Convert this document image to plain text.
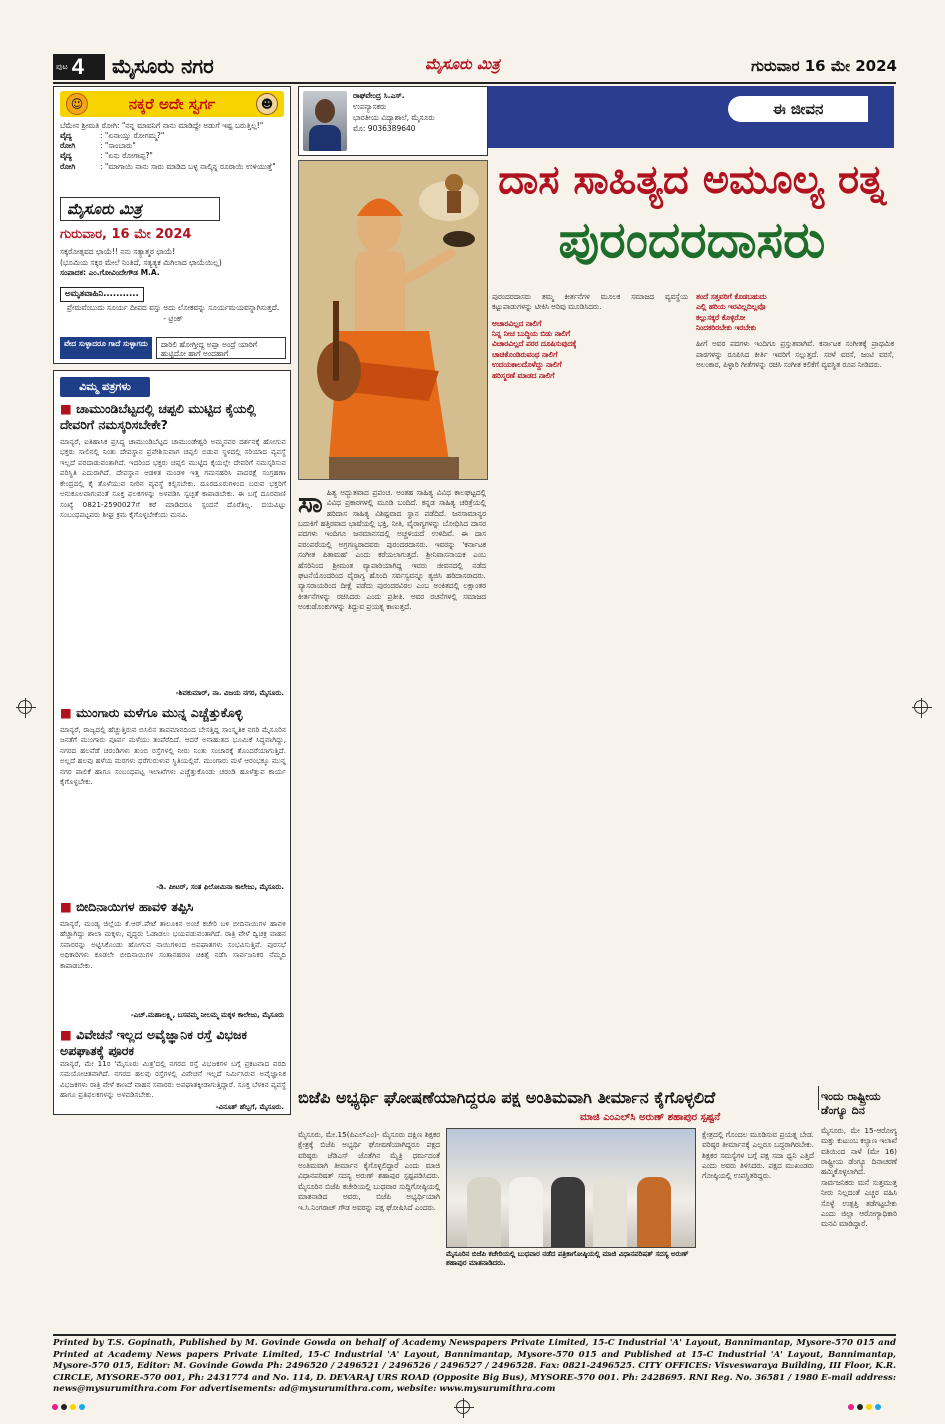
ಪುಟ 4 ಮೈಸೂರು ನಗರ	ಮೈಸೂರು ಮಿತ್ರ	ಗುರುವಾರ 16 ಮೇ 2024
☺	ನಕ್ಕರೆ ಅದೇ ಸ್ವರ್ಗ	☻
ಬೆಮೇನ ಶ್ರೀಮತಿ ರೋಗಿ: "ನನ್ನ ಮಾವನಿಗೆ ನಾನು ಮಾಡಿದ್ದೇ ಅಡುಗೆ ಇಷ್ಟ ಬರುತ್ತಿಲ್ಲ!"
ವೈದ್ಯ	: "ಏನಾಯ್ತು ರೋಗಮ್ಮ?"
ರೋಗಿ	: "ಸಾಂಬಾರು"
ವೈದ್ಯ	: "ಏನು ರೋಗಾಪ್ಪ?"
ರೋಗಿ	: "ಮಾಗಾಯಿ ನಾನು ಸಾರು ಮಾಡಿದ ಬಳ್ಳ ನಾಲ್ಕಿನ್ನ ರೂರಾಯಿ ಉಳಿಯುತ್ತೆ"
ಮೈಸೂರು ಮಿತ್ರ
ಗುರುವಾರ, 16 ಮೇ 2024
ಸಕ್ಕರೋತ್ಸವದ ಛಾಯೆ!! ನನು ಸತ್ಯಾತ್ಮರ ಛಾಯೆ!
(ಭೂಮಿಯ ಸಕ್ಕರ ಮೇಲೆ ನಿಂತಿದೆ, ಸತ್ಯತ್ಯಕ ಮಿಗಿಲಾದ ಛಾಯೆಯಿಲ್ಲ)
ಸಂಪಾದಕ: ಎಂ.ಗೋವಿಂದೇಗೌಡ M.A.
ಅಮೃತವಾಹಿನಿ...........
ಪ್ರೇಮವೆಂಬುದು ಸೂರ್ಯ ದೀಪದ ವಸ್ತು ಅದು ಲೋಕವನ್ನು ಸೂರ್ಯಮಯವನ್ನಾಗಿಸುತ್ತದೆ. - ಟ್ರಿಂಕ್
ವೇದ ಸುಳ್ಳಾದರೂ ಗಾದೆ ಸುಳ್ಳಾಗದು	ದಾರಿಲಿ ಹೋಗ್ತೀದ್ದ ಅಪ್ಪಾ ಅಂದ್ರೆ ಯಾರಿಗೆ ಹುಟ್ಟಿದೋ ಹಾಗೆ ಅಂದಹಾಗೆ
ವಿಮ್ಮ ಪತ್ರಗಳು
■ ಚಾಮುಂಡಿಬೆಟ್ಟದಲ್ಲಿ ಚಪ್ಪಲಿ ಮುಟ್ಟಿದ ಕೈಯಲ್ಲಿ ದೇವರಿಗೆ ನಮಸ್ಕರಿಸಬೇಕೇ?
ಮಾನ್ಯರೆ, ಐತಿಹಾಸಿಕ ಪ್ರಸಿದ್ಧ ಚಾಮುಂಡಿಬೆಟ್ಟದ ಚಾಮುಂಡೇಶ್ವರಿ ಅಮ್ಮನವರ ದರ್ಶನಕ್ಕೆ ಹೋಗುವ ಭಕ್ತರು ಸಾಲಿನಲ್ಲಿ ನಿಂತು ದೇವಸ್ಥಾನ ಪ್ರವೇಶಿಸುವಾಗ ಚಪ್ಪಲಿ ಬಿಡುವ ಸ್ಥಳದಲ್ಲಿ ಸರಿಯಾದ ವ್ಯವಸ್ಥೆ ಇಲ್ಲದೆ ಪರದಾಡುವಂತಾಗಿದೆ. ಇದರಿಂದ ಭಕ್ತರು ಚಪ್ಪಲಿ ಮುಟ್ಟಿದ ಕೈಯಲ್ಲೇ ದೇವರಿಗೆ ನಮಸ್ಕರಿಸುವ ಪರಿಸ್ಥಿತಿ ಎದುರಾಗಿದೆ. ದೇವಸ್ಥಾನ ಆಡಳಿತ ಮಂಡಳಿ ಇತ್ತ ಗಮನಹರಿಸಿ ಪಾದರಕ್ಷೆ ಸಂಗ್ರಹಣಾ ಕೇಂದ್ರದಲ್ಲಿ ಕೈ ತೊಳೆಯುವ ನೀರಿನ ವ್ಯವಸ್ಥೆ ಕಲ್ಪಿಸಬೇಕು. ದೂರದೂರುಗಳಿಂದ ಬರುವ ಭಕ್ತರಿಗೆ ಅನುಕೂಲವಾಗುವಂತೆ ಸೂಕ್ತ ಫಲಕಗಳನ್ನು ಅಳವಡಿಸಿ ಸ್ವಚ್ಛತೆ ಕಾಪಾಡಬೇಕು. ಈ ಬಗ್ಗೆ ದೂರವಾಣಿ ಸಂಖ್ಯೆ 0821-2590027ಗೆ ಕರೆ ಮಾಡಿದರೂ ಸ್ಪಂದನೆ ದೊರೆತಿಲ್ಲ. ದಯವಿಟ್ಟು ಸಂಬಂಧಪಟ್ಟವರು ಶೀಘ್ರ ಕ್ರಮ ಕೈಗೊಳ್ಳಬೇಕೆಂದು ಮನವಿ.
-ಶಿವಕುಮಾರ್, ನಾ. ವಿಜಯ ನಗರ, ಮೈಸೂರು.
■ ಮುಂಗಾರು ಮಳೆಗೂ ಮುನ್ನ ಎಚ್ಚೆತ್ತುಕೊಳ್ಳಿ
ಮಾನ್ಯರೆ, ರಾಜ್ಯದಲ್ಲಿ ಹೆಚ್ಚುತ್ತಿರುವ ಬಿಸಿಲಿನ ತಾಪಮಾನದಿಂದ ಬೇಸತ್ತಿದ್ದ ಸಾಂಸ್ಕೃತಿಕ ನಗರಿ ಮೈಸೂರಿನ ಜನತೆಗೆ ಮುಂಗಾರು ಪೂರ್ವ ಮಳೆಯು ತಂಪೆರೆದಿದೆ. ಆದರೆ ಅನಾಹುತದ ಭೂಮಿಕೆ ಸಿದ್ಧವಾಗಿದ್ದು, ನಗರದ ಹಲವೆಡೆ ಚರಂಡಿಗಳು ತುಂಬಿ ರಸ್ತೆಗಳಲ್ಲಿ ನೀರು ನಿಂತು ಸಂಚಾರಕ್ಕೆ ತೊಂದರೆಯಾಗುತ್ತಿದೆ. ಅಲ್ಲದೆ ಹಲವು ಹಳೆಯ ಮರಗಳು ಧರೆಗುರುಳುವ ಸ್ಥಿತಿಯಲ್ಲಿವೆ. ಮುಂಗಾರು ಮಳೆ ಆರಂಭಕ್ಕೂ ಮುನ್ನ ನಗರ ಪಾಲಿಕೆ ಹಾಗೂ ಸಂಬಂಧಪಟ್ಟ ಇಲಾಖೆಗಳು ಎಚ್ಚೆತ್ತುಕೊಂಡು ಚರಂಡಿ ಹೂಳೆತ್ತುವ ಕಾರ್ಯ ಕೈಗೊಳ್ಳಬೇಕು.
-ಡಿ. ಪೀಟರ್, ಸಂತ ಫಿಲೋಮಿನಾ ಕಾಲೇಜು, ಮೈಸೂರು.
■ ಬೀದಿನಾಯಿಗಳ ಹಾವಳಿ ತಪ್ಪಿಸಿ
ಮಾನ್ಯರೆ, ಮಂಡ್ಯ ಜಿಲ್ಲೆಯ ಕೆ.ಆರ್.ಪೇಟೆ ತಾಲೂಕಿನ ಅಂಚೆ ಕಚೇರಿ ಬಳಿ ಬೀದಿನಾಯಿಗಳ ಹಾವಳಿ ಹೆಚ್ಚಾಗಿದ್ದು ಶಾಲಾ ಮಕ್ಕಳು, ವೃದ್ಧರು ಓಡಾಡಲು ಭಯಪಡುವಂತಾಗಿದೆ. ರಾತ್ರಿ ವೇಳೆ ದ್ವಿಚಕ್ರ ವಾಹನ ಸವಾರರನ್ನು ಅಟ್ಟಿಸಿಕೊಂಡು ಹೋಗುವ ನಾಯಿಗಳಿಂದ ಅಪಘಾತಗಳು ಸಂಭವಿಸುತ್ತಿವೆ. ಪುರಸಭೆ ಅಧಿಕಾರಿಗಳು ಕೂಡಲೇ ಬೀದಿನಾಯಿಗಳ ಸಂತಾನಹರಣ ಚಿಕಿತ್ಸೆ ನಡೆಸಿ ಸಾರ್ವಜನಿಕರ ನೆಮ್ಮದಿ ಕಾಪಾಡಬೇಕು.
-ಎಚ್.ಮಹಾಲಕ್ಷ್ಮಿ, ಬಸವಮ್ಮ ನೀಲಮ್ಮ ಮಕ್ಕಳ ಕಾಲೇಜು, ಮೈಸೂರು
■ ವಿವೇಚನೆ ಇಲ್ಲದ ಅವೈಜ್ಞಾನಿಕ ರಸ್ತೆ ವಿಭಜಕ ಅಪಘಾತಕ್ಕೆ ಪೂರಕ
ಮಾನ್ಯರೆ, ಮೇ 11ರ 'ಮೈಸೂರು ಮಿತ್ರ'ದಲ್ಲಿ ನಗರದ ರಸ್ತೆ ವಿಭಜಕಗಳ ಬಗ್ಗೆ ಪ್ರಕಟವಾದ ವರದಿ ಸಮಯೋಚಿತವಾಗಿದೆ. ನಗರದ ಹಲವು ರಸ್ತೆಗಳಲ್ಲಿ ವಿವೇಚನೆ ಇಲ್ಲದೆ ನಿರ್ಮಿಸಿರುವ ಅವೈಜ್ಞಾನಿಕ ವಿಭಜಕಗಳು ರಾತ್ರಿ ವೇಳೆ ಕಾಣದೆ ವಾಹನ ಸವಾರರು ಅಪಘಾತಕ್ಕೀಡಾಗುತ್ತಿದ್ದಾರೆ. ಸೂಕ್ತ ಬೆಳಕಿನ ವ್ಯವಸ್ಥೆ ಹಾಗೂ ಪ್ರತಿಫಲಕಗಳನ್ನು ಅಳವಡಿಸಬೇಕು.
-ವಿನೂತ್ ಹೆಬ್ಬಗೆ, ಮೈಸೂರು.
ರಾಘವೇಂದ್ರ ಸಿ.ಎಸ್.
ಉಪನ್ಯಾಸಕರು
ಭಾರತೀಯ ವಿದ್ಯಾಶಾಲೆ, ಮೈಸೂರು
ಮೊ: 9036389640
ಈ ಜೀವನ
ದಾಸ ಸಾಹಿತ್ಯದ ಅಮೂಲ್ಯ ರತ್ನ
ಪುರಂದರದಾಸರು
ಸಾ ಹಿತ್ಯ ಅದ್ಭುತವಾದ ಪ್ರಪಂಚ. ಅಂತಹ ಸಾಹಿತ್ಯ ವಿವಿಧ ಕಾಲಘಟ್ಟದಲ್ಲಿ ವಿವಿಧ ಪ್ರಕಾರಗಳಲ್ಲಿ ಮೂಡಿ ಬಂದಿದೆ. ಕನ್ನಡ ಸಾಹಿತ್ಯ ಚರಿತ್ರೆಯಲ್ಲಿ ಹರಿದಾಸ ಸಾಹಿತ್ಯ ವಿಶಿಷ್ಟವಾದ ಸ್ಥಾನ ಪಡೆದಿದೆ. ಜನಸಾಮಾನ್ಯರ ಬದುಕಿಗೆ ಹತ್ತಿರವಾದ ಭಾಷೆಯಲ್ಲಿ ಭಕ್ತಿ, ನೀತಿ, ವೈರಾಗ್ಯಗಳನ್ನು ಬೋಧಿಸಿದ ದಾಸರ ಪದಗಳು ಇಂದಿಗೂ ಜನಮಾನಸದಲ್ಲಿ ಅಚ್ಚಳಿಯದೆ ಉಳಿದಿವೆ. ಈ ದಾಸ ಪರಂಪರೆಯಲ್ಲಿ ಅಗ್ರಗಣ್ಯರಾದವರು ಪುರಂದರದಾಸರು. ಇವರನ್ನು 'ಕರ್ನಾಟಕ ಸಂಗೀತ ಪಿತಾಮಹ' ಎಂದು ಕರೆಯಲಾಗುತ್ತದೆ. ಶ್ರೀನಿವಾಸನಾಯಕ ಎಂಬ ಹೆಸರಿನಿಂದ ಶ್ರೀಮಂತ ವ್ಯಾಪಾರಿಯಾಗಿದ್ದ ಇವರು ಜೀವನದಲ್ಲಿ ನಡೆದ ಘಟನೆಯೊಂದರಿಂದ ವೈರಾಗ್ಯ ಹೊಂದಿ ಸರ್ವಸ್ವವನ್ನೂ ತ್ಯಜಿಸಿ ಹರಿದಾಸರಾದರು. ವ್ಯಾಸರಾಯರಿಂದ ದೀಕ್ಷೆ ಪಡೆದು ಪುರಂದರವಿಠಲ ಎಂಬ ಅಂಕಿತದಲ್ಲಿ ಲಕ್ಷಾಂತರ ಕೀರ್ತನೆಗಳನ್ನು ರಚಿಸಿದರು ಎಂದು ಪ್ರತೀತಿ. ಅವರ ರಚನೆಗಳಲ್ಲಿ ಸಮಾಜದ ಅಂಕುಡೊಂಕುಗಳನ್ನು ತಿದ್ದುವ ಪ್ರಯತ್ನ ಕಾಣುತ್ತದೆ.

ಪುರಂದರದಾಸರು ತಮ್ಮ ಕೀರ್ತನೆಗಳ ಮೂಲಕ ಸಮಾಜದ ವ್ಯವಸ್ಥೆಯ ಕಟ್ಟುಪಾಡುಗಳನ್ನು ಟೀಕಿಸಿ ಅರಿವು ಮೂಡಿಸಿದರು.

ಆಚಾರವಿಲ್ಲದ ನಾಲಿಗೆ
ನಿನ್ನ ನೀಚ ಬುದ್ಧಿಯ ಬಿಡು ನಾಲಿಗೆ
ವಿಚಾರವಿಲ್ಲದೆ ಪರರ ದೂಷಿಸುವುದಕ್ಕೆ
ಚಾಚಿಕೊಂಡಿರುವಂಥ ನಾಲಿಗೆ
ಉದಯಕಾಲದೊಳೆದ್ದು ನಾಲಿಗೆ
ಹರಿಸ್ಮರಣೆ ಮಾಡದ ನಾಲಿಗೆ
ತಂದೆ ಸತ್ತವರಿಗೆ ಕೊಡಬಹುದು
ಎಲ್ಲಿ ಹರಿಯ ಇರವಿಲ್ಲದಿಲ್ಲವೊ
ಕಲ್ಲುಸಕ್ಕರೆ ಕೊಳ್ಳಿರೋ
ನಿಂದಕರಿರಬೇಕು ಇರಬೇಕು

ಹೀಗೆ ಅವರ ಪದಗಳು ಇಂದಿಗೂ ಪ್ರಸ್ತುತವಾಗಿವೆ. ಕರ್ನಾಟಕ ಸಂಗೀತಕ್ಕೆ ಪ್ರಾಥಮಿಕ ಪಾಠಗಳನ್ನು ರೂಪಿಸಿದ ಕೀರ್ತಿ ಇವರಿಗೆ ಸಲ್ಲುತ್ತದೆ. ಸರಳೆ ವರಸೆ, ಜಂಟಿ ವರಸೆ, ಅಲಂಕಾರ, ಪಿಳ್ಳಾರಿ ಗೀತೆಗಳನ್ನು ರಚಿಸಿ ಸಂಗೀತ ಕಲಿಕೆಗೆ ವ್ಯವಸ್ಥಿತ ರೂಪ ನೀಡಿದರು.

ಬಿಜೆಪಿ ಅಭ್ಯರ್ಥಿ ಘೋಷಣೆಯಾಗಿದ್ದರೂ ಪಕ್ಷ ಅಂತಿಮವಾಗಿ ತೀರ್ಮಾನ ಕೈಗೊಳ್ಳಲಿದೆ
ಮಾಜಿ ಎಂಎಲ್‌ಸಿ ಅರುಣ್ ಶಹಾಪುರ ಸ್ಪಷ್ಟನೆ
ಮೈಸೂರು, ಮೇ.15(ಪಿಎಲ್‌ಎಂ)- ಮೈಸೂರು ದಕ್ಷಿಣ ಶಿಕ್ಷಕರ ಕ್ಷೇತ್ರಕ್ಕೆ ಬಿಜೆಪಿ ಅಭ್ಯರ್ಥಿ ಘೋಷಣೆಯಾಗಿದ್ದರೂ ಪಕ್ಷದ ವರಿಷ್ಠರು ಜೆಡಿಎಸ್ ಜೊತೆಗಿನ ಮೈತ್ರಿ ಧರ್ಮದಂತೆ ಅಂತಿಮವಾಗಿ ತೀರ್ಮಾನ ಕೈಗೊಳ್ಳಲಿದ್ದಾರೆ ಎಂದು ಮಾಜಿ ವಿಧಾನಪರಿಷತ್ ಸದಸ್ಯ ಅರುಣ್ ಶಹಾಪುರ ಸ್ಪಷ್ಟಪಡಿಸಿದರು. ಮೈಸೂರಿನ ಬಿಜೆಪಿ ಕಚೇರಿಯಲ್ಲಿ ಬುಧವಾರ ಸುದ್ದಿಗೋಷ್ಠಿಯಲ್ಲಿ ಮಾತನಾಡಿದ ಅವರು, ಬಿಜೆಪಿ ಅಭ್ಯರ್ಥಿಯಾಗಿ ಇ.ಸಿ.ನಿಂಗರಾಜ್ ಗೌಡ ಅವರನ್ನು ಪಕ್ಷ ಘೋಷಿಸಿದೆ ಎಂದರು.
ಮೈಸೂರಿನ ಬಿಜೆಪಿ ಕಚೇರಿಯಲ್ಲಿ ಬುಧವಾರ ನಡೆದ ಪತ್ರಿಕಾಗೋಷ್ಠಿಯಲ್ಲಿ ಮಾಜಿ ವಿಧಾನಪರಿಷತ್ ಸದಸ್ಯ ಅರುಣ್ ಶಹಾಪುರ ಮಾತನಾಡಿದರು.
ಕ್ಷೇತ್ರದಲ್ಲಿ ಗೊಂದಲ ಮೂಡಿಸುವ ಪ್ರಯತ್ನ ಬೇಡ. ವರಿಷ್ಠರ ತೀರ್ಮಾನಕ್ಕೆ ಎಲ್ಲರೂ ಬದ್ಧರಾಗಿರಬೇಕು. ಶಿಕ್ಷಕರ ಸಮಸ್ಯೆಗಳ ಬಗ್ಗೆ ಪಕ್ಷ ಸದಾ ಧ್ವನಿ ಎತ್ತಿದೆ ಎಂದು ಅವರು ತಿಳಿಸಿದರು. ಪಕ್ಷದ ಮುಖಂಡರು ಗೋಷ್ಠಿಯಲ್ಲಿ ಉಪಸ್ಥಿತರಿದ್ದರು.
ಇಂದು ರಾಷ್ಟ್ರೀಯ ಡೆಂಗ್ಯೂ ದಿನ
ಮೈಸೂರು, ಮೇ 15-ಆರೋಗ್ಯ ಮತ್ತು ಕುಟುಂಬ ಕಲ್ಯಾಣ ಇಲಾಖೆ ವತಿಯಿಂದ ನಾಳೆ (ಮೇ 16) ರಾಷ್ಟ್ರೀಯ ಡೆಂಗ್ಯೂ ದಿನಾಚರಣೆ ಹಮ್ಮಿಕೊಳ್ಳಲಾಗಿದೆ. ಸಾರ್ವಜನಿಕರು ಮನೆ ಸುತ್ತಮುತ್ತ ನೀರು ನಿಲ್ಲದಂತೆ ಎಚ್ಚರ ವಹಿಸಿ ಸೊಳ್ಳೆ ಉತ್ಪತ್ತಿ ತಡೆಗಟ್ಟಬೇಕು ಎಂದು ಜಿಲ್ಲಾ ಆರೋಗ್ಯಾಧಿಕಾರಿ ಮನವಿ ಮಾಡಿದ್ದಾರೆ.
Printed by T.S. Gopinath, Published by M. Govinde Gowda on behalf of Academy Newspapers Private Limited, 15-C Industrial 'A' Layout, Bannimantap, Mysore-570 015 and Printed at Academy News papers Private Limited, 15-C Industrial 'A' Layout, Bannimantap, Mysore-570 015 and Published at 15-C Industrial 'A' Layout, Bannimantap, Mysore-570 015, Editor: M. Govinde Gowda Ph: 2496520 / 2496521 / 2496526 / 2496527 / 2496528. Fax: 0821-2496525. CITY OFFICES: Visveswaraya Building, III Floor, K.R. CIRCLE, MYSORE-570 001, Ph: 2431774 and No. 114, D. DEVARAJ URS ROAD (Opposite Big Bus), MYSORE-570 001. Ph: 2428695. RNI Reg. No. 36581 / 1980 E-mail address: news@mysurumithra.com For advertisements: ad@mysurumithra.com, website: www.mysurumithra.com
